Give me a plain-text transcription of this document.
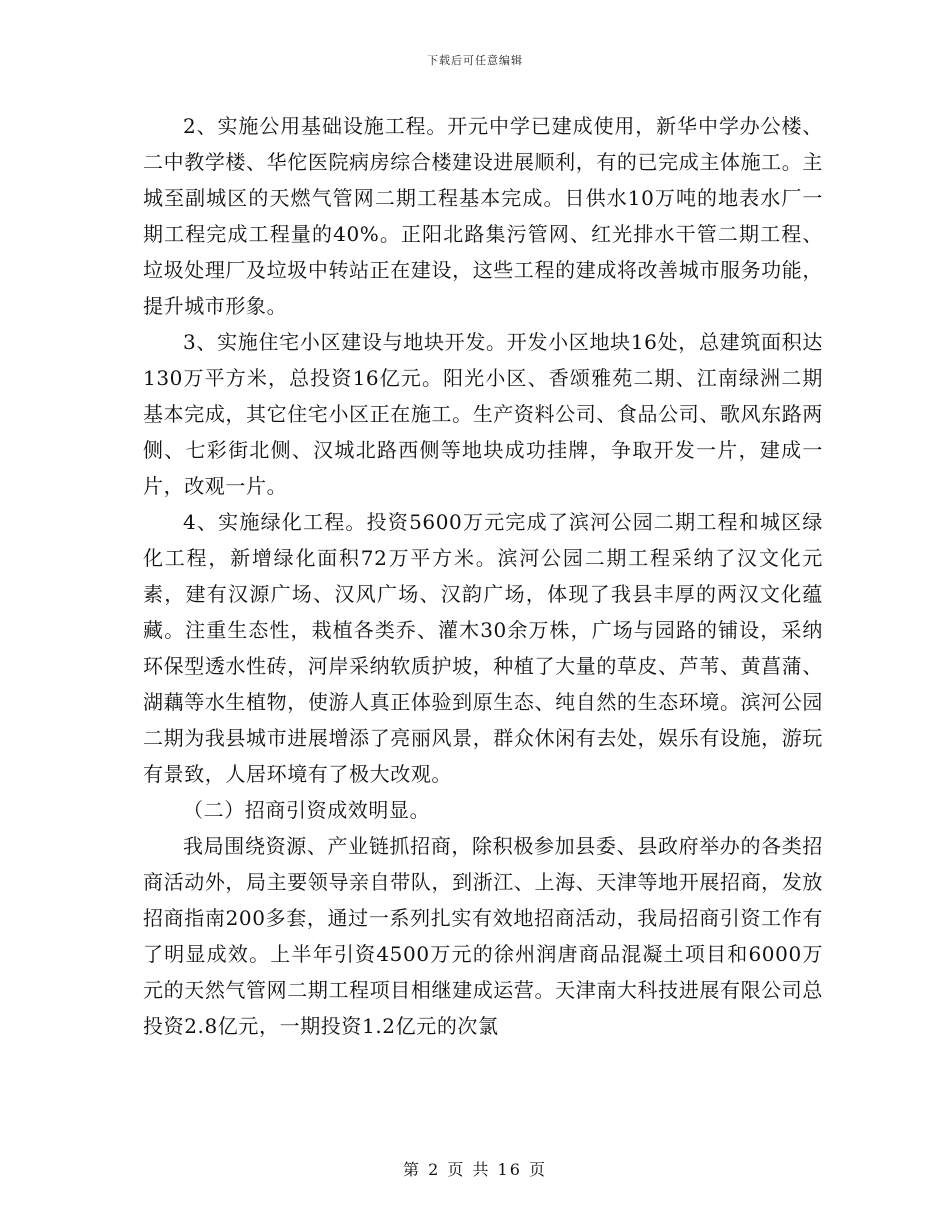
下载后可任意编辑

2、实施公用基础设施工程。开元中学已建成使用，新华中学办公楼、二中教学楼、华佗医院病房综合楼建设进展顺利，有的已完成主体施工。主城至副城区的天燃气管网二期工程基本完成。日供水10万吨的地表水厂一期工程完成工程量的40%。正阳北路集污管网、红光排水干管二期工程、垃圾处理厂及垃圾中转站正在建设，这些工程的建成将改善城市服务功能，提升城市形象。

3、实施住宅小区建设与地块开发。开发小区地块16处，总建筑面积达130万平方米，总投资16亿元。阳光小区、香颂雅苑二期、江南绿洲二期基本完成，其它住宅小区正在施工。生产资料公司、食品公司、歌风东路两侧、七彩街北侧、汉城北路西侧等地块成功挂牌，争取开发一片，建成一片，改观一片。

4、实施绿化工程。投资5600万元完成了滨河公园二期工程和城区绿化工程，新增绿化面积72万平方米。滨河公园二期工程采纳了汉文化元素，建有汉源广场、汉风广场、汉韵广场，体现了我县丰厚的两汉文化蕴藏。注重生态性，栽植各类乔、灌木30余万株，广场与园路的铺设，采纳环保型透水性砖，河岸采纳软质护坡，种植了大量的草皮、芦苇、黄菖蒲、湖藕等水生植物，使游人真正体验到原生态、纯自然的生态环境。滨河公园二期为我县城市进展增添了亮丽风景，群众休闲有去处，娱乐有设施，游玩有景致，人居环境有了极大改观。

（二）招商引资成效明显。

我局围绕资源、产业链抓招商，除积极参加县委、县政府举办的各类招商活动外，局主要领导亲自带队，到浙江、上海、天津等地开展招商，发放招商指南200多套，通过一系列扎实有效地招商活动，我局招商引资工作有了明显成效。上半年引资4500万元的徐州润唐商品混凝土项目和6000万元的天然气管网二期工程项目相继建成运营。天津南大科技进展有限公司总投资2.8亿元，一期投资1.2亿元的次氯

第 2 页 共 16 页
